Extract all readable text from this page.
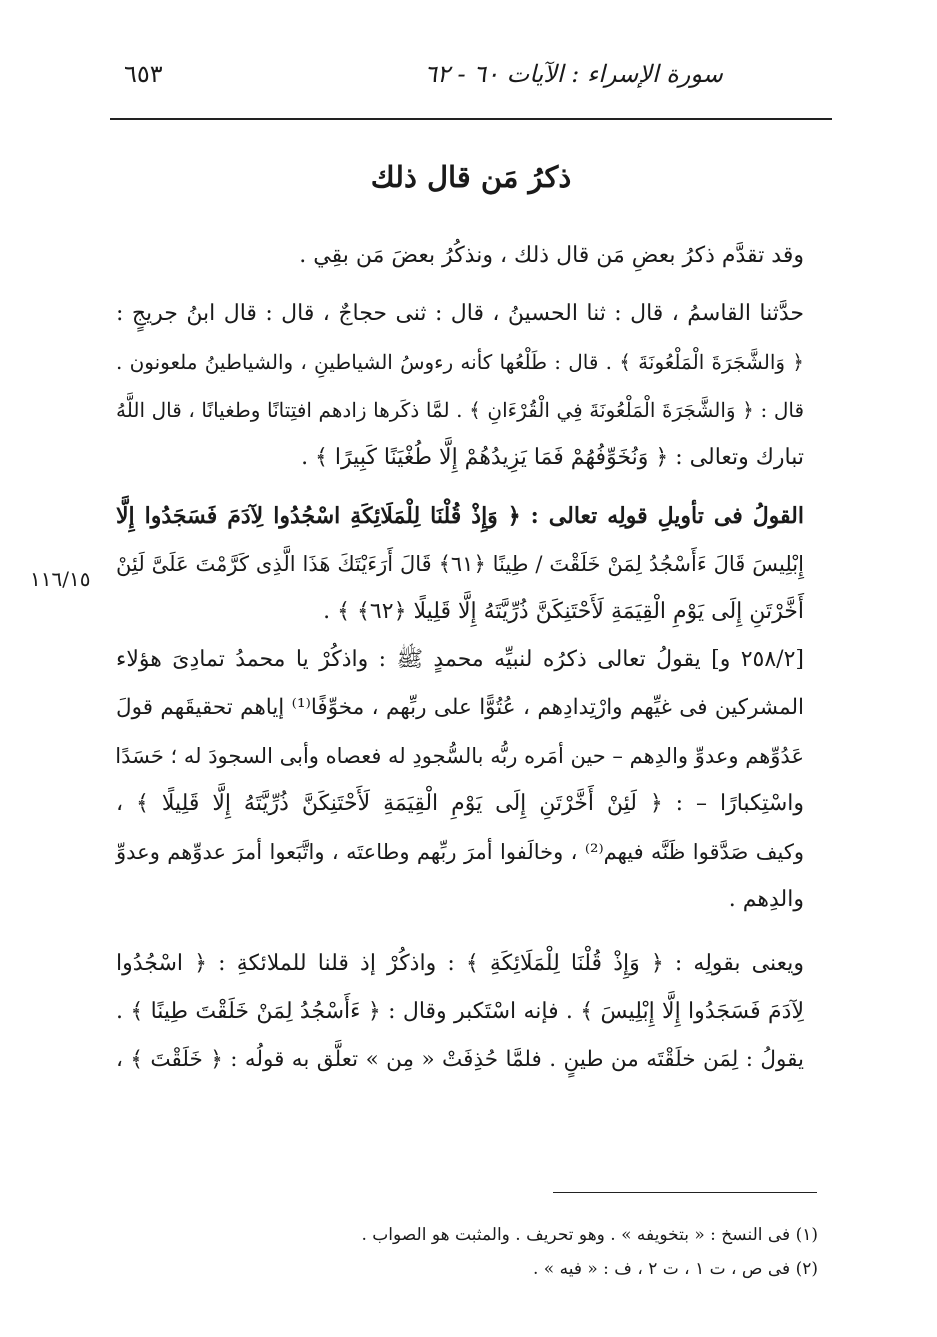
سورة الإسراء : الآيات ٦٠ - ٦٢
٦٥٣
ذكرُ مَن قال ذلك
١١٦/١٥
وقد تقدَّم ذكرُ بعضِ مَن قال ذلك ، ونذكُرُ بعضَ مَن بقِي .
حدَّثنا القاسمُ ، قال : ثنا الحسينُ ، قال : ثنى حجاجٌ ، قال : قال ابنُ جريجٍ :
﴿ وَالشَّجَرَةَ الْمَلْعُونَةَ ﴾ . قال : طَلْعُها كأنه رءوسُ الشياطينِ ، والشياطينُ ملعونون .
قال : ﴿ وَالشَّجَرَةَ الْمَلْعُونَةَ فِي الْقُرْءَانِ ﴾ . لمَّا ذكَرها زادهم افتِتانًا وطغيانًا ، قال اللَّهُ
تبارك وتعالى : ﴿ وَنُخَوِّفُهُمْ فَمَا يَزِيدُهُمْ إِلَّا طُغْيَنًا كَبِيرًا ﴾ .
القولُ فى تأويلِ قولِه تعالى : ﴿ وَإِذْ قُلْنَا لِلْمَلَائِكَةِ اسْجُدُوا لِآدَمَ فَسَجَدُوا إِلَّا
إِبْلِيسَ قَالَ ءَأَسْجُدُ لِمَنْ خَلَقْتَ / طِينًا ﴿٦١﴾ قَالَ أَرَءَيْتَكَ هَذَا الَّذِى كَرَّمْتَ عَلَىَّ لَئِنْ
أَخَّرْتَنِ إِلَى يَوْمِ الْقِيَمَةِ لَأَحْتَنِكَنَّ ذُرِّيَّتَهُ إِلَّا قَلِيلًا ﴿٦٢﴾ ﴾ .
[٢٥٨/٢ و] يقولُ تعالى ذكرُه لنبيِّه محمدٍ ﷺ : واذكُرْ يا محمدُ تمادِىَ هؤلاء
المشركين فى غيِّهم وارْتِدادِهم ، عُتُوًّا على ربِّهم ، مخوِّفًا⁽¹⁾ إياهم تحقيقَهم قولَ
عَدُوِّهم وعدوِّ والدِهم – حين أمَره ربُّه بالسُّجودِ له فعصاه وأبى السجودَ له ؛ حَسَدًا
واسْتِكبارًا – : ﴿ لَئِنْ أَخَّرْتَنِ إِلَى يَوْمِ الْقِيَمَةِ لَأَحْتَنِكَنَّ ذُرِّيَّتَهُ إِلَّا قَلِيلًا ﴾ ،
وكيف صَدَّقوا ظَنَّه فيهم⁽²⁾ ، وخالَفوا أمرَ ربِّهم وطاعتَه ، واتَّبَعوا أمرَ عدوِّهم وعدوِّ
والدِهم .
ويعنى بقولِه : ﴿ وَإِذْ قُلْنَا لِلْمَلَائِكَةِ ﴾ : واذكُرْ إذ قلنا للملائكةِ : ﴿ اسْجُدُوا
لِآدَمَ فَسَجَدُوا إِلَّا إِبْلِيسَ ﴾ . فإنه اسْتَكبر وقال : ﴿ ءَأَسْجُدُ لِمَنْ خَلَقْتَ طِينًا ﴾ .
يقولُ : لِمَن خلَقْتَه من طينٍ . فلمَّا حُذِفَتْ « مِن » تعلَّق به قولُه : ﴿ خَلَقْتَ ﴾ ،
(١) فى النسخ : « بتخويفه » . وهو تحريف . والمثبت هو الصواب .
(٢) فى ص ، ت ١ ، ت ٢ ، ف : « فيه » .
